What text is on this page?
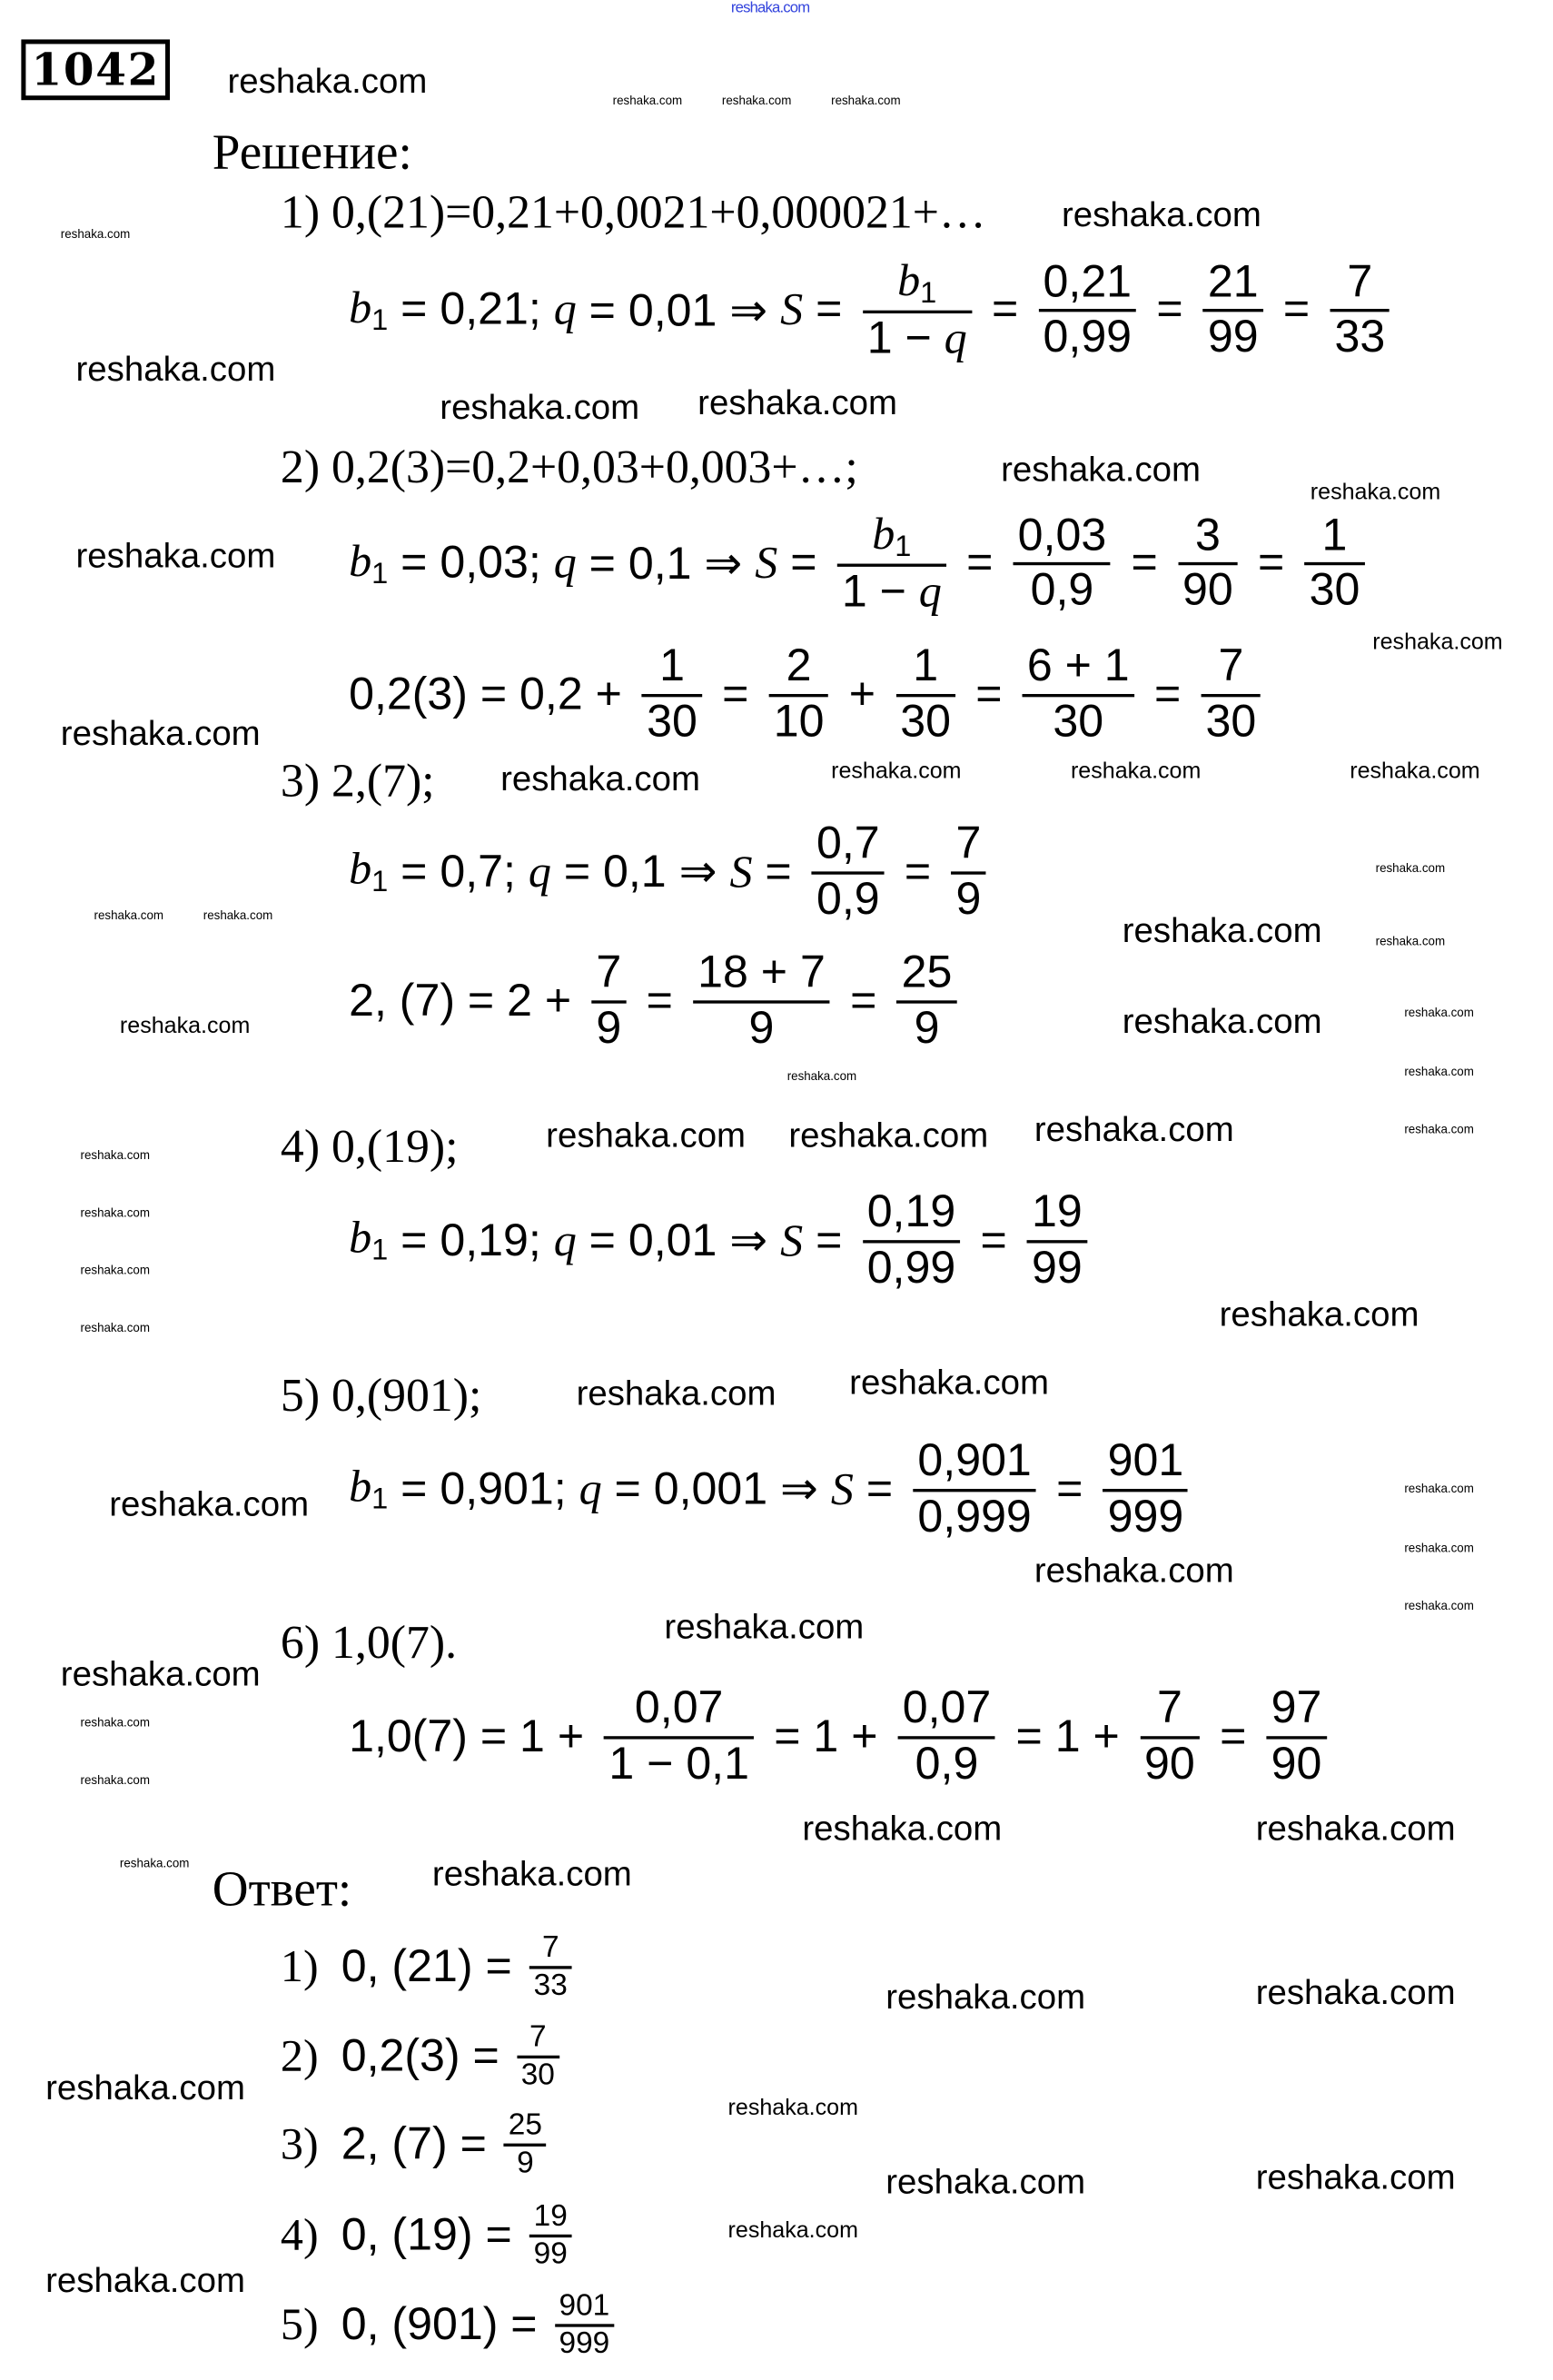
1042
Решение:
Ответ:
1) 0,(21)=0,21+0,0021+0,000021+…
$b_1 = 0,21$; q = 0,01 ⇒ $S = \frac{b_1}{1 - q} = \frac{0,21}{0,99} = \frac{21}{99} = \frac{7}{33}$
2) 0,2(3)=0,2+0,03+0,003+…;
$b_1 = 0,03$; q = 0,1 ⇒ $S = \frac{b_1}{1 - q} = \frac{0,03}{0,9} = \frac{3}{90} = \frac{1}{30}$
$0,2(3) = 0,2 + \frac{1}{30} = \frac{2}{10} + \frac{1}{30} = \frac{6 + 1}{30} = \frac{7}{30}$
3) 2,(7);
$b_1 = 0,7$; q = 0,1 ⇒ $S = \frac{0,7}{0,9} = \frac{7}{9}$
2, $(7) = 2 + \frac{7}{9} = \frac{18 + 7}{9} = \frac{25}{9}$
4) 0,(19);
$b_1 = 0,19$; q = 0,01 ⇒ $S = \frac{0,19}{0,99} = \frac{19}{99}$
5) 0,(901);
$b_1 = 0,901$; q = 0,001 ⇒ $S = \frac{0,901}{0,999} = \frac{901}{999}$
6) 1,0(7).
$1,0(7) = 1 + \frac{0,07}{1 - 0,1} = 1 + \frac{0,07}{0,9} = 1 + \frac{7}{90} = \frac{97}{90}$
1) 0, $(21) = \frac{7}{33}$
2) $0,2(3) = \frac{7}{30}$
3) 2, $(7) = \frac{25}{9}$
4) 0, $(19) = \frac{19}{99}$
5) 0, $(901) = \frac{901}{999}$
reshaka.com
reshaka.com
reshaka.com
reshaka.com
reshaka.com
reshaka.com
reshaka.com
reshaka.com
reshaka.com
reshaka.com
reshaka.com
reshaka.com
reshaka.com reshaka.com
reshaka.com
reshaka.com
reshaka.com
reshaka.com
reshaka.com
reshaka.com
reshaka.com
reshaka.com	reshaka.com
reshaka.com
reshaka.com	reshaka.com
reshaka.com
reshaka.com	reshaka.com
reshaka.com
reshaka.com
reshaka.com
reshaka.com	reshaka.com	reshaka.com
reshaka.com
reshaka.com
reshaka.com
reshaka.com	reshaka.com	reshaka.com
reshaka.com
reshaka.com	reshaka.com
reshaka.com
reshaka.com
reshaka.com
reshaka.com
reshaka.com
reshaka.com
reshaka.com
reshaka.com
reshaka.com
reshaka.com
reshaka.com
reshaka.com
reshaka.com
reshaka.com
reshaka.com
reshaka.com
reshaka.com
